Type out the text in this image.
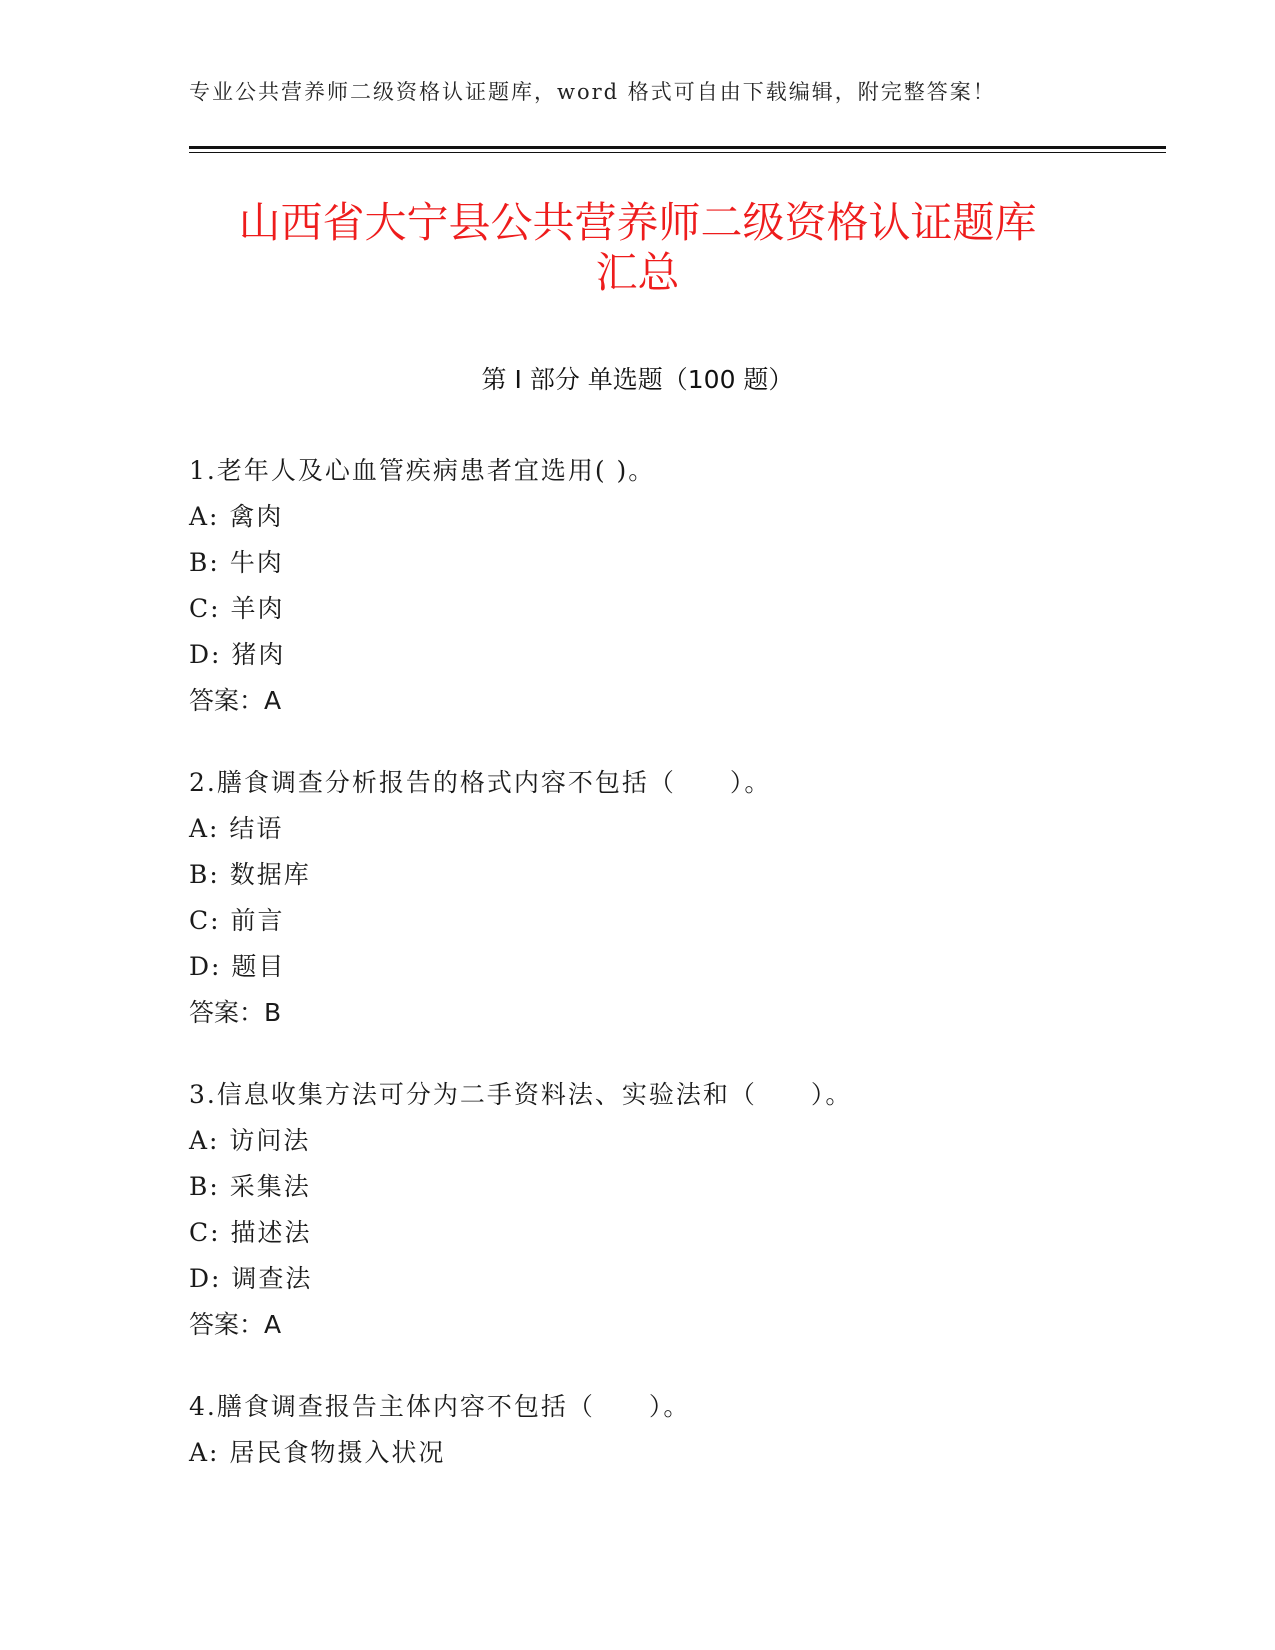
专业公共营养师二级资格认证题库，word 格式可自由下载编辑，附完整答案！
山西省大宁县公共营养师二级资格认证题库
汇总
第 I 部分 单选题（100 题）
1.老年人及心血管疾病患者宜选用( )。
A: 禽肉
B: 牛肉
C: 羊肉
D: 猪肉
答案：A
2.膳食调查分析报告的格式内容不包括（　　）。
A: 结语
B: 数据库
C: 前言
D: 题目
答案：B
3.信息收集方法可分为二手资料法、实验法和（　　）。
A: 访问法
B: 采集法
C: 描述法
D: 调查法
答案：A
4.膳食调查报告主体内容不包括（　　）。
A: 居民食物摄入状况
